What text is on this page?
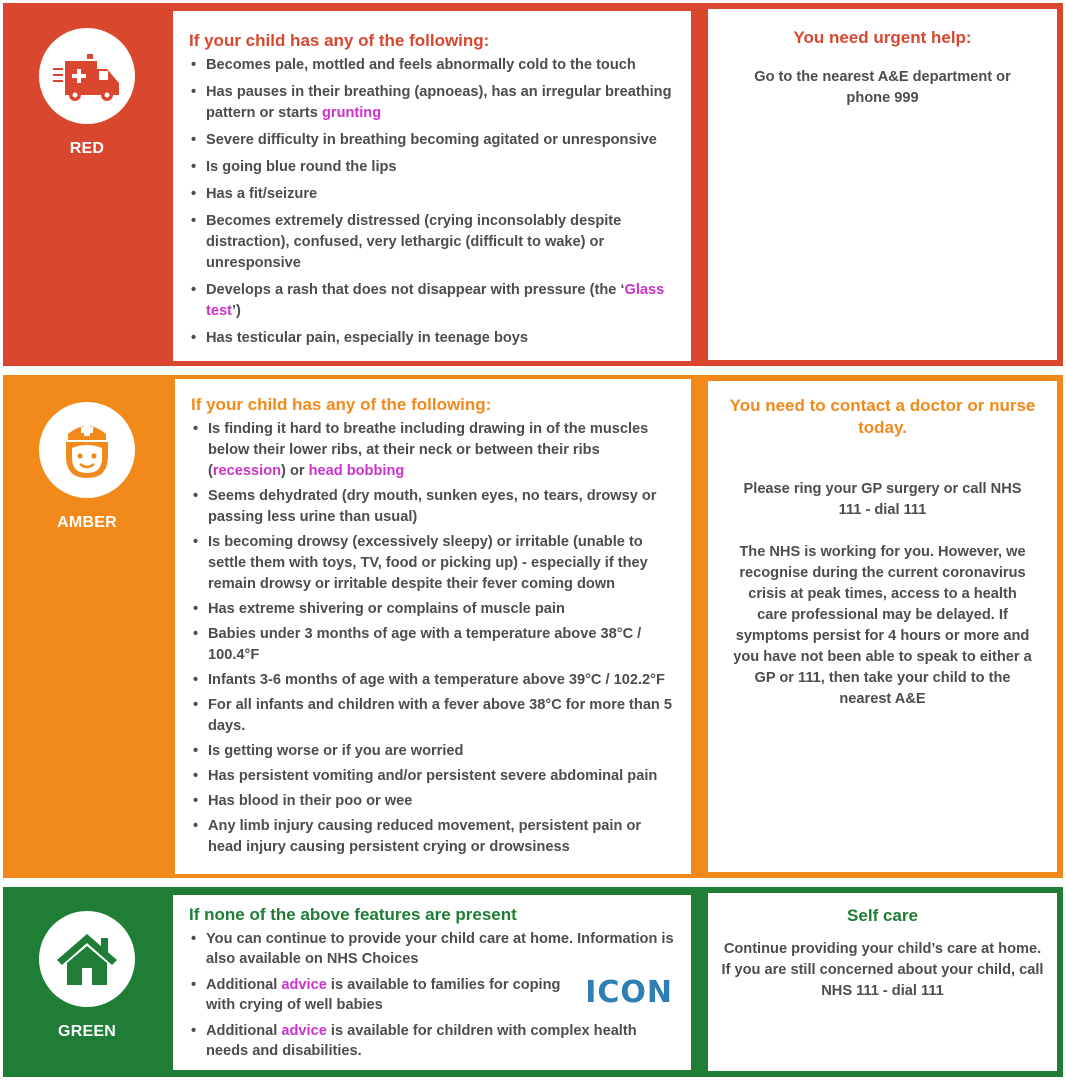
RED
If your child has any of the following:
• Becomes pale, mottled and feels abnormally cold to the touch
• Has pauses in their breathing (apnoeas), has an irregular breathing pattern or starts grunting
• Severe difficulty in breathing becoming agitated or unresponsive
• Is going blue round the lips
• Has a fit/seizure
• Becomes extremely distressed (crying inconsolably despite distraction), confused, very lethargic (difficult to wake) or unresponsive
• Develops a rash that does not disappear with pressure (the ‘Glass test’)
• Has testicular pain, especially in teenage boys
You need urgent help:
Go to the nearest A&E department or phone 999
AMBER
If your child has any of the following:
• Is finding it hard to breathe including drawing in of the muscles below their lower ribs, at their neck or between their ribs (recession) or head bobbing
• Seems dehydrated (dry mouth, sunken eyes, no tears, drowsy or passing less urine than usual)
• Is becoming drowsy (excessively sleepy) or irritable (unable to settle them with toys, TV, food or picking up) - especially if they remain drowsy or irritable despite their fever coming down
• Has extreme shivering or complains of muscle pain
• Babies under 3 months of age with a temperature above 38°C / 100.4°F
• Infants 3-6 months of age with a temperature above 39°C / 102.2°F
• For all infants and children with a fever above 38°C for more than 5 days.
• Is getting worse or if you are worried
• Has persistent vomiting and/or persistent severe abdominal pain
• Has blood in their poo or wee
• Any limb injury causing reduced movement, persistent pain or head injury causing persistent crying or drowsiness
You need to contact a doctor or nurse today.
Please ring your GP surgery or call NHS 111 - dial 111
The NHS is working for you. However, we recognise during the current coronavirus crisis at peak times, access to a health care professional may be delayed. If symptoms persist for 4 hours or more and you have not been able to speak to either a GP or 111, then take your child to the nearest A&E
GREEN
If none of the above features are present
• You can continue to provide your child care at home. Information is also available on NHS Choices
• Additional advice is available to families for coping with crying of well babies
• Additional advice is available for children with complex health needs and disabilities.
ICON
Self care
Continue providing your child’s care at home. If you are still concerned about your child, call NHS 111 - dial 111
